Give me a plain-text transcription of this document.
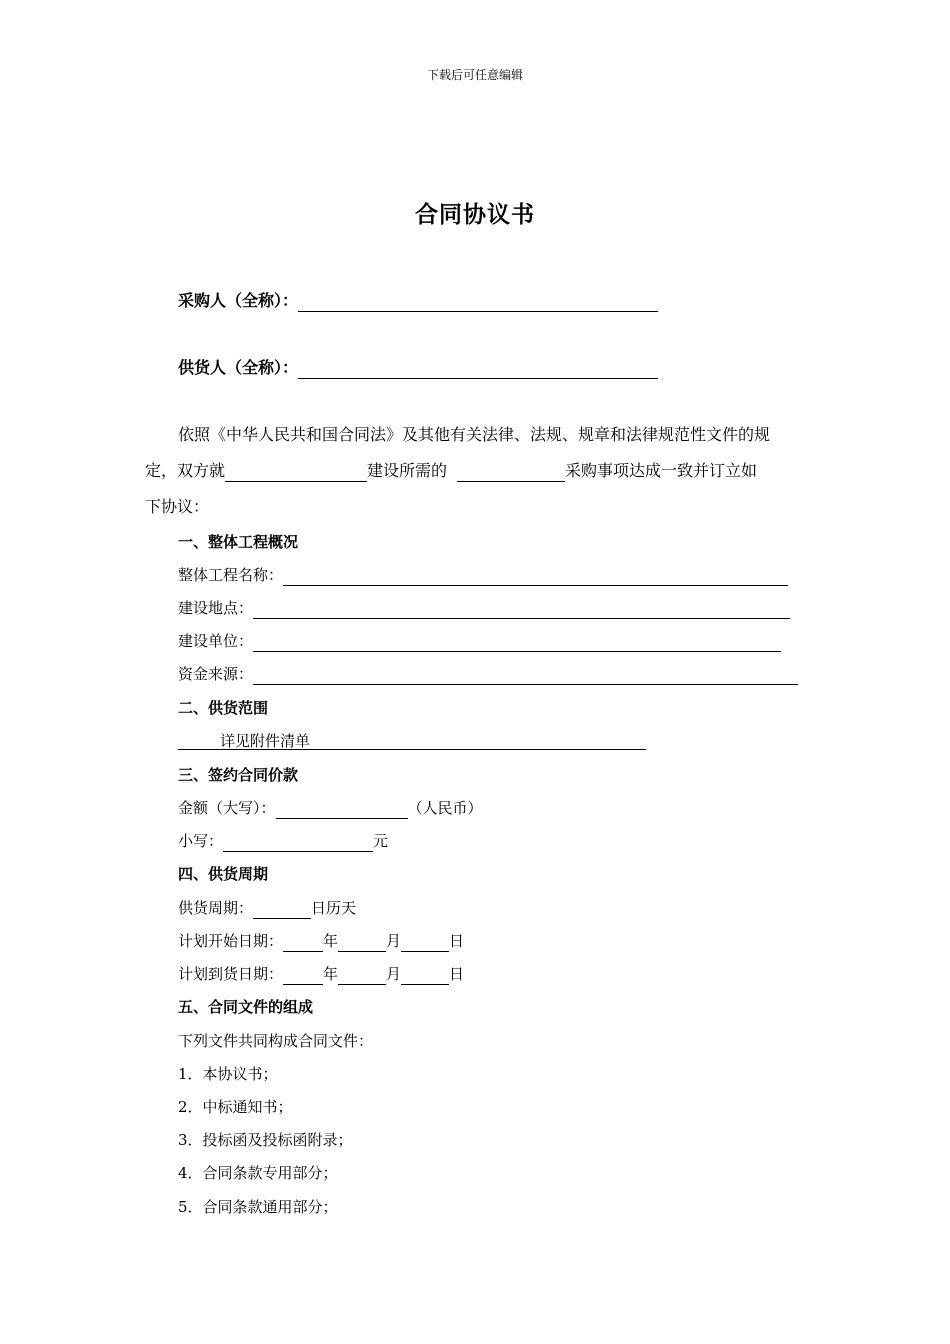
下载后可任意编辑
合同协议书
采购人（全称）：
供货人（全称）：
依照《中华人民共和国合同法》及其他有关法律、法规、规章和法律规范性文件的规
定，双方就	建设所需的	采购事项达成一致并订立如
下协议：
一、整体工程概况
整体工程名称：
建设地点：
建设单位：
资金来源：
二、供货范围
详见附件清单
三、签约合同价款
金额（大写）：	（人民币）
小写：	元
四、供货周期
供货周期：	日历天
计划开始日期：	年	月	日
计划到货日期：	年	月	日
五、合同文件的组成
下列文件共同构成合同文件：
1．本协议书；
2．中标通知书；
3．投标函及投标函附录；
4．合同条款专用部分；
5．合同条款通用部分；
